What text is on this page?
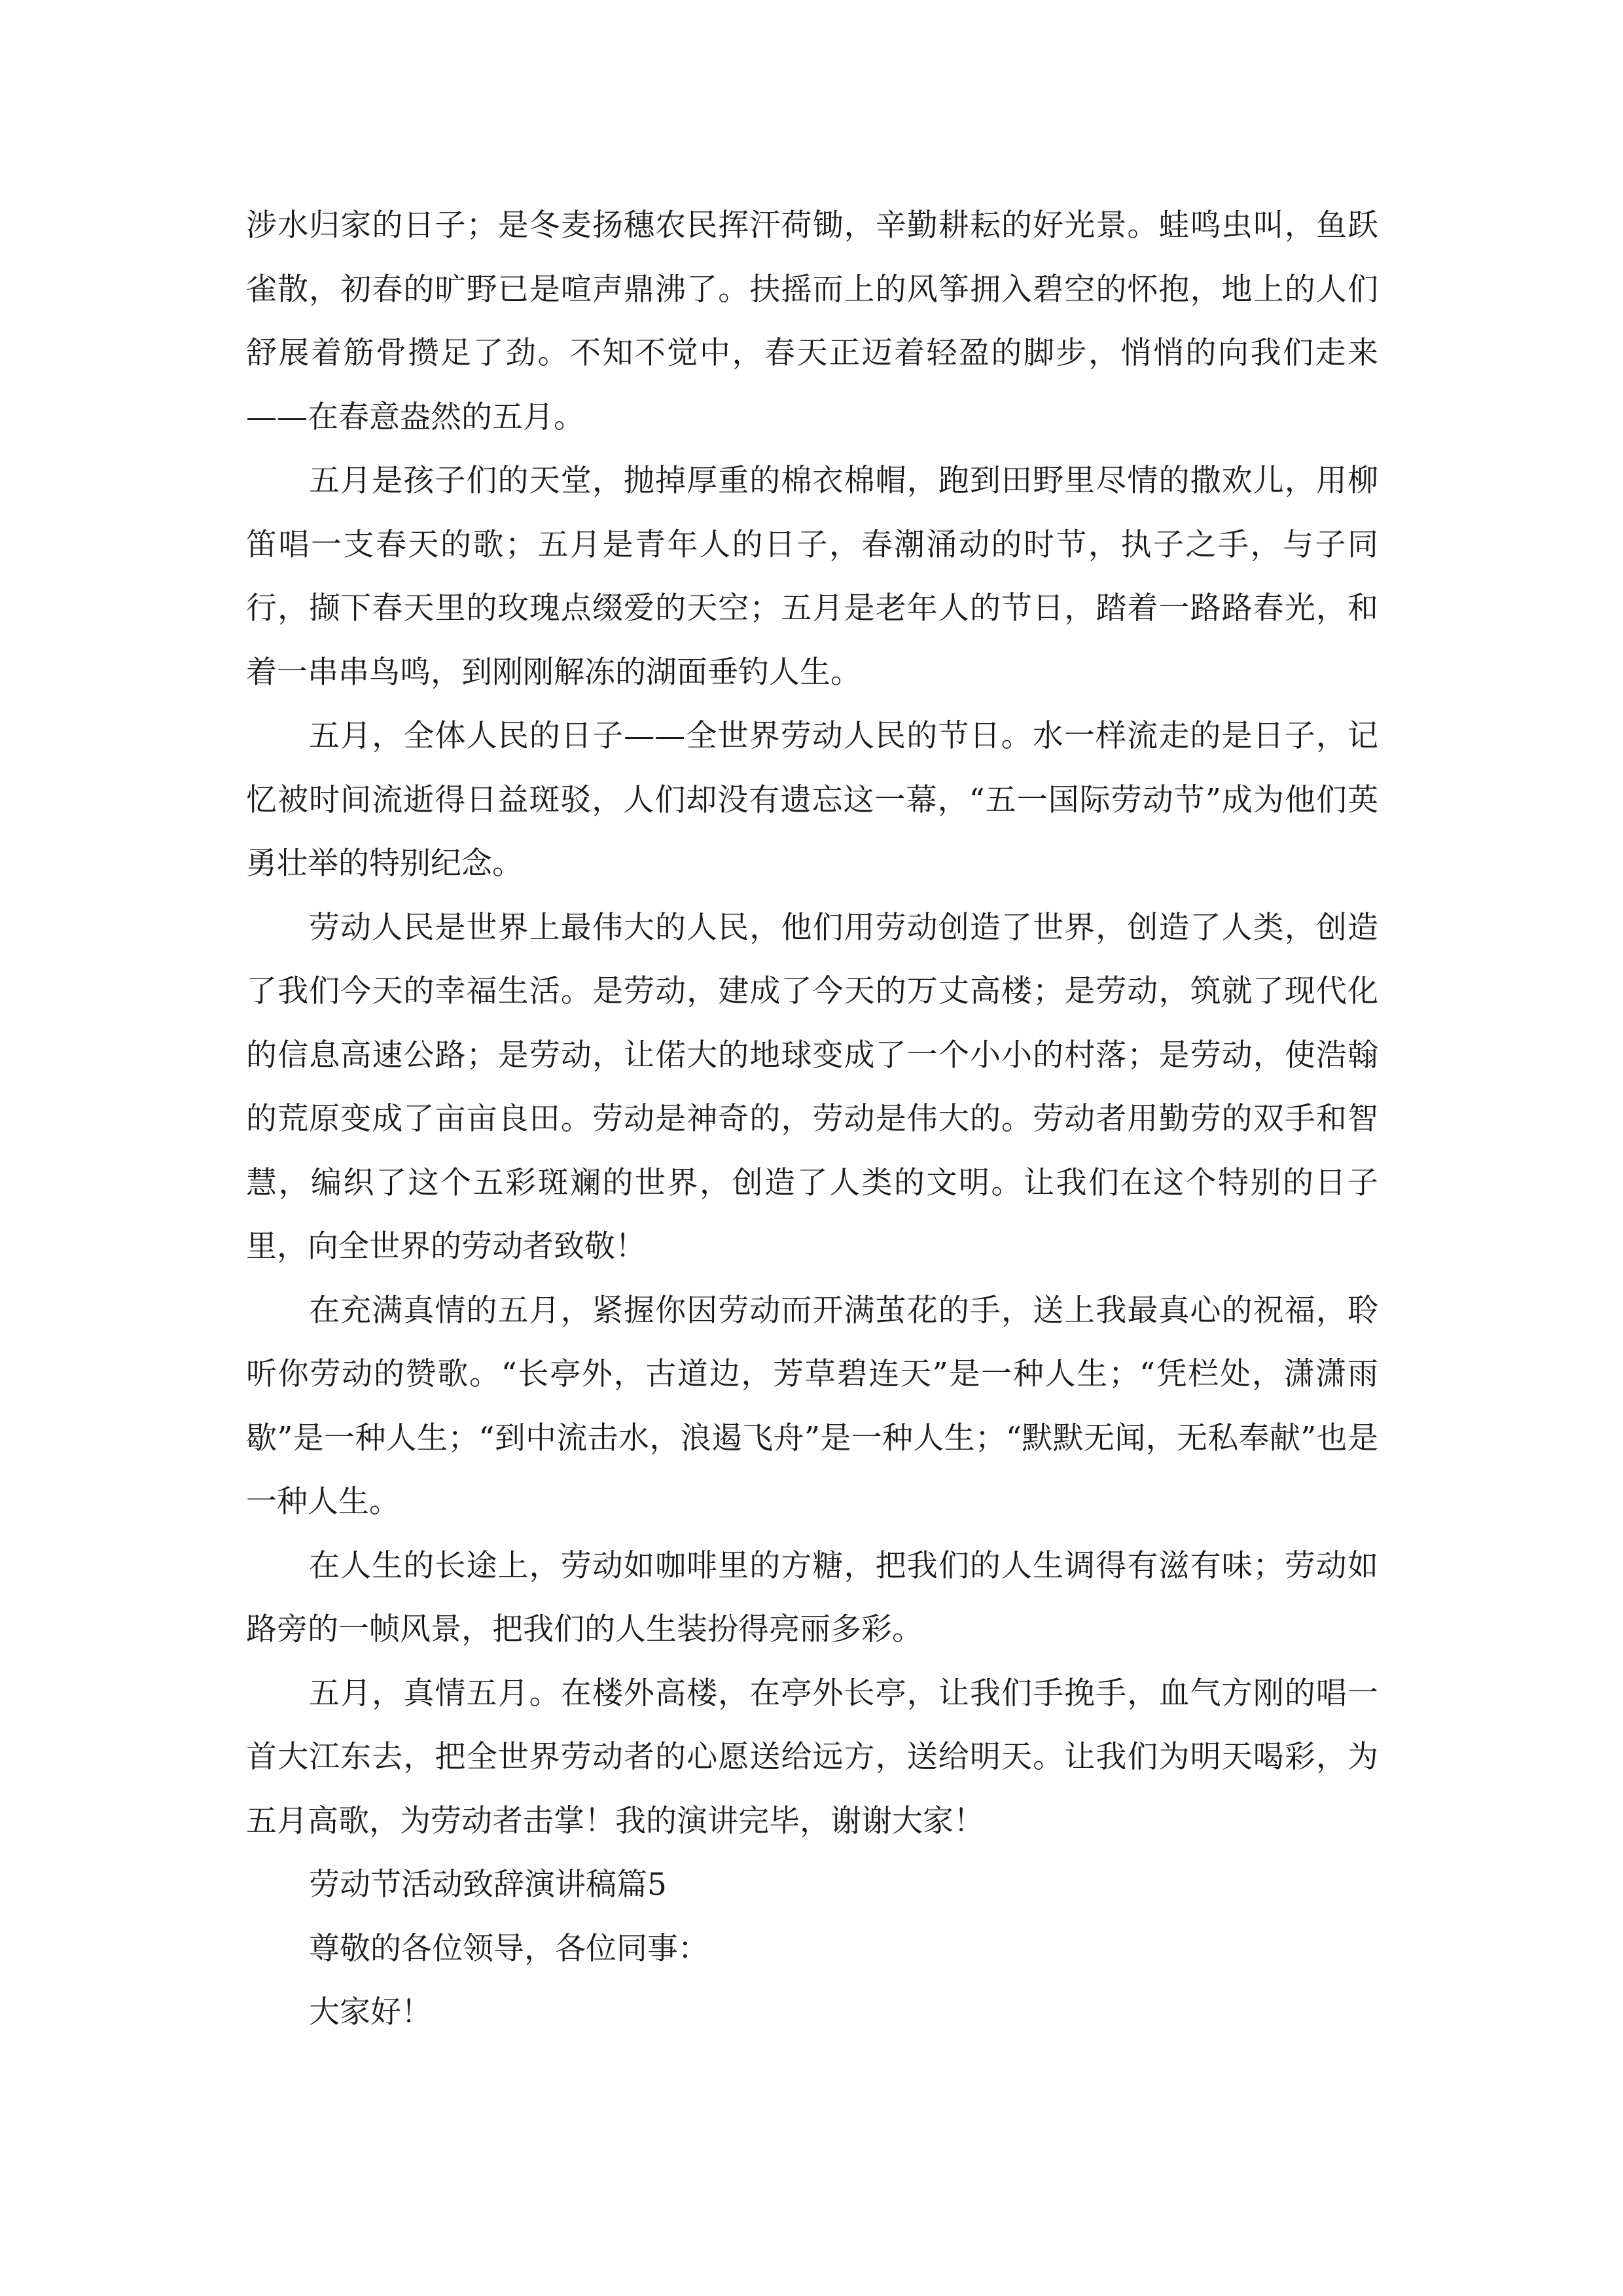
涉水归家的日子；是冬麦扬穗农民挥汗荷锄，辛勤耕耘的好光景。蛙鸣虫叫，鱼跃雀散，初春的旷野已是喧声鼎沸了。扶摇而上的风筝拥入碧空的怀抱，地上的人们舒展着筋骨攒足了劲。不知不觉中，春天正迈着轻盈的脚步，悄悄的向我们走来——在春意盎然的五月。

五月是孩子们的天堂，抛掉厚重的棉衣棉帽，跑到田野里尽情的撒欢儿，用柳笛唱一支春天的歌；五月是青年人的日子，春潮涌动的时节，执子之手，与子同行，撷下春天里的玫瑰点缀爱的天空；五月是老年人的节日，踏着一路路春光，和着一串串鸟鸣，到刚刚解冻的湖面垂钓人生。

五月，全体人民的日子——全世界劳动人民的节日。水一样流走的是日子，记忆被时间流逝得日益斑驳，人们却没有遗忘这一幕，“五一国际劳动节”成为他们英勇壮举的特别纪念。

劳动人民是世界上最伟大的人民，他们用劳动创造了世界，创造了人类，创造了我们今天的幸福生活。是劳动，建成了今天的万丈高楼；是劳动，筑就了现代化的信息高速公路；是劳动，让偌大的地球变成了一个小小的村落；是劳动，使浩翰的荒原变成了亩亩良田。劳动是神奇的，劳动是伟大的。劳动者用勤劳的双手和智慧，编织了这个五彩斑斓的世界，创造了人类的文明。让我们在这个特别的日子里，向全世界的劳动者致敬！

在充满真情的五月，紧握你因劳动而开满茧花的手，送上我最真心的祝福，聆听你劳动的赞歌。“长亭外，古道边，芳草碧连天”是一种人生；“凭栏处，潇潇雨歇”是一种人生；“到中流击水，浪遏飞舟”是一种人生；“默默无闻，无私奉献”也是一种人生。

在人生的长途上，劳动如咖啡里的方糖，把我们的人生调得有滋有味；劳动如路旁的一帧风景，把我们的人生装扮得亮丽多彩。

五月，真情五月。在楼外高楼，在亭外长亭，让我们手挽手，血气方刚的唱一首大江东去，把全世界劳动者的心愿送给远方，送给明天。让我们为明天喝彩，为五月高歌，为劳动者击掌！我的演讲完毕，谢谢大家！

劳动节活动致辞演讲稿篇5

尊敬的各位领导，各位同事：

大家好！
